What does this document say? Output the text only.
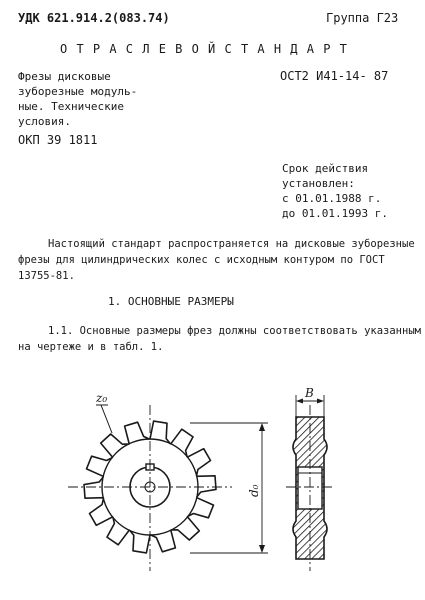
УДК 621.914.2(083.74)	Группа Г23
О Т Р А С Л Е В О Й С Т А Н Д А Р Т
Фрезы дисковые
зуборезные модуль-
ные. Технические
условия.
ОСТ2 И41-14- 87
ОКП 39 1811
Срок действия
установлен:
с 01.01.1988 г.
до 01.01.1993 г.
Настоящий стандарт распространяется на дисковые зуборезные
фрезы для цилиндрических колес с исходным контуром по ГОСТ
13755-81.
1. ОСНОВНЫЕ РАЗМЕРЫ
1.1. Основные размеры фрез должны соответствовать указанным
на чертеже и в табл. 1.
z₀
d₀
B
